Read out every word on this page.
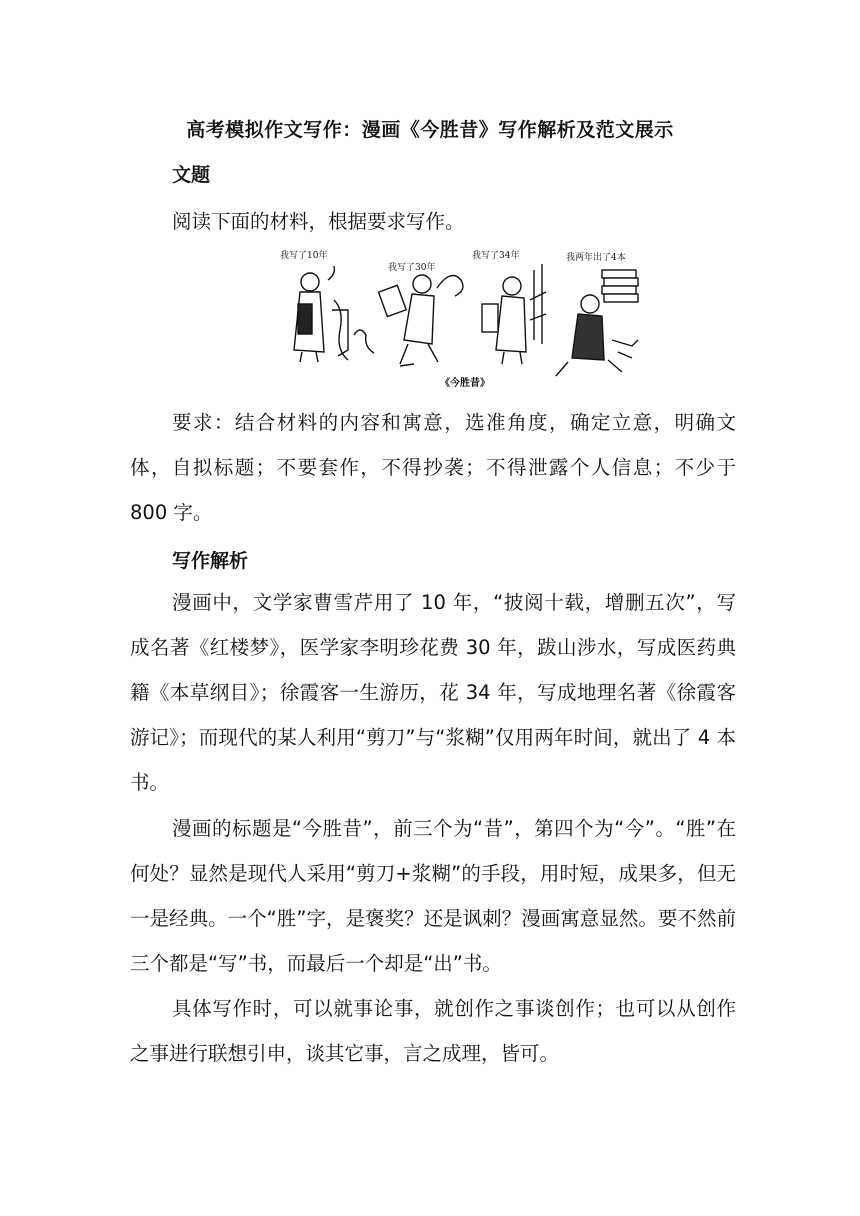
高考模拟作文写作：漫画《今胜昔》写作解析及范文展示
文题
阅读下面的材料，根据要求写作。
我写了10年
我写了30年
我写了34年	我两年出了4本
《今胜昔》

要求：结合材料的内容和寓意，选准角度，确定立意，明确文体，自拟标题；不要套作，不得抄袭；不得泄露个人信息；不少于 800 字。

写作解析

漫画中，文学家曹雪芹用了 10 年，“披阅十载，增删五次”，写成名著《红楼梦》，医学家李明珍花费 30 年，跋山涉水，写成医药典籍《本草纲目》；徐霞客一生游历，花 34 年，写成地理名著《徐霞客游记》；而现代的某人利用“剪刀”与“浆糊”仅用两年时间，就出了 4 本书。

漫画的标题是“今胜昔”，前三个为“昔”，第四个为“今”。“胜”在何处？显然是现代人采用“剪刀+浆糊”的手段，用时短，成果多，但无一是经典。一个“胜”字，是褒奖？还是讽刺？漫画寓意显然。要不然前三个都是“写”书，而最后一个却是“出”书。

具体写作时，可以就事论事，就创作之事谈创作；也可以从创作之事进行联想引申，谈其它事，言之成理，皆可。
